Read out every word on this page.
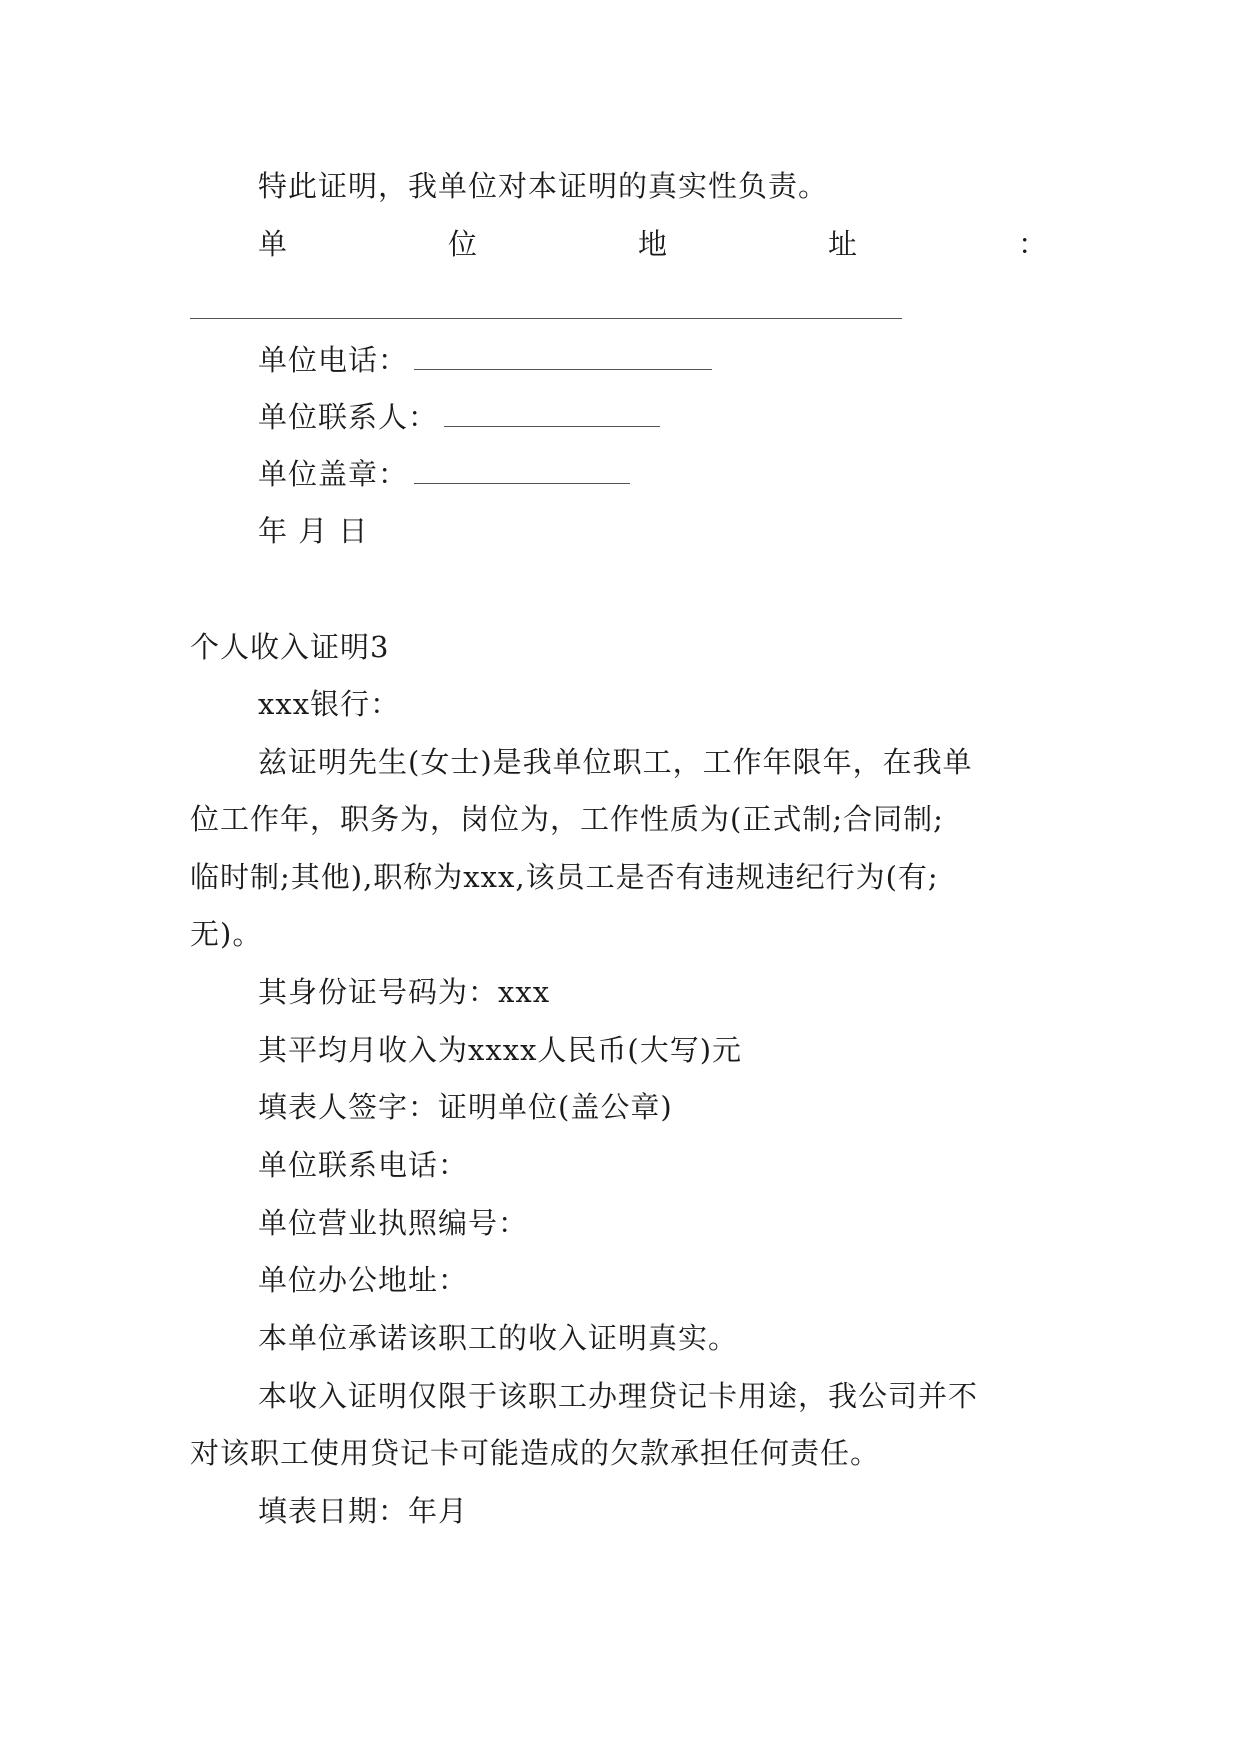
特此证明，我单位对本证明的真实性负责。
单	位	地	址	：
单位电话：
单位联系人：
单位盖章：
年 月 日
个人收入证明3
xxx银行：
兹证明先生(女士)是我单位职工，工作年限年，在我单
位工作年，职务为，岗位为，工作性质为(正式制;合同制;
临时制;其他),职称为xxx,该员工是否有违规违纪行为(有;
无)。
其身份证号码为：xxx
其平均月收入为xxxx人民币(大写)元
填表人签字：证明单位(盖公章)
单位联系电话：
单位营业执照编号：
单位办公地址：
本单位承诺该职工的收入证明真实。
本收入证明仅限于该职工办理贷记卡用途，我公司并不
对该职工使用贷记卡可能造成的欠款承担任何责任。
填表日期：年月
